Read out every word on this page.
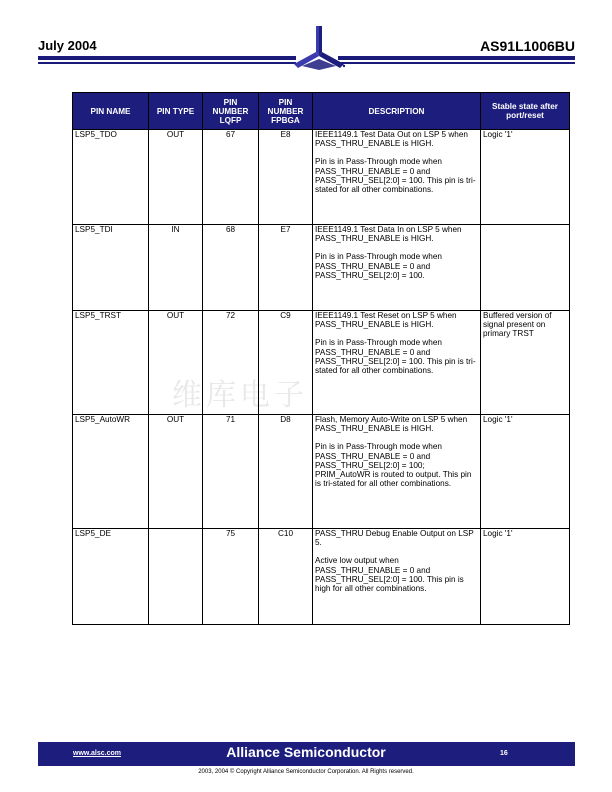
July 2004	AS91L1006BU
维库电子
PIN NAME	PIN TYPE	PIN NUMBER LQFP	PIN NUMBER FPBGA	DESCRIPTION	Stable state after port/reset
LSP5_TDO	OUT	67	E8	IEEE1149.1 Test Data Out on LSP 5 when PASS_THRU_ENABLE is HIGH.

Pin is in Pass-Through mode when PASS_THRU_ENABLE = 0 and PASS_THRU_SEL[2:0] = 100. This pin is tri-stated for all other combinations.	Logic '1'
LSP5_TDI	IN	68	E7	IEEE1149.1 Test Data In on LSP 5 when PASS_THRU_ENABLE is HIGH.

Pin is in Pass-Through mode when PASS_THRU_ENABLE = 0 and PASS_THRU_SEL[2:0] = 100.	

LSP5_TRST	OUT	72	C9	IEEE1149.1 Test Reset on LSP 5 when PASS_THRU_ENABLE is HIGH.

Pin is in Pass-Through mode when PASS_THRU_ENABLE = 0 and PASS_THRU_SEL[2:0] = 100. This pin is tri-stated for all other combinations.	Buffered version of signal present on primary TRST
LSP5_AutoWR	OUT	71	D8	Flash, Memory Auto-Write on LSP 5 when PASS_THRU_ENABLE is HIGH.

Pin is in Pass-Through mode when PASS_THRU_ENABLE = 0 and PASS_THRU_SEL[2:0] = 100; PRIM_AutoWR is routed to output. This pin is tri-stated for all other combinations.	Logic '1'
LSP5_DE		75	C10	PASS_THRU Debug Enable Output on LSP 5.

Active low output when PASS_THRU_ENABLE = 0 and PASS_THRU_SEL[2:0] = 100. This pin is high for all other combinations.	Logic '1'
www.alsc.com	Alliance Semiconductor	16
2003, 2004 © Copyright Alliance Semiconductor Corporation. All Rights reserved.
